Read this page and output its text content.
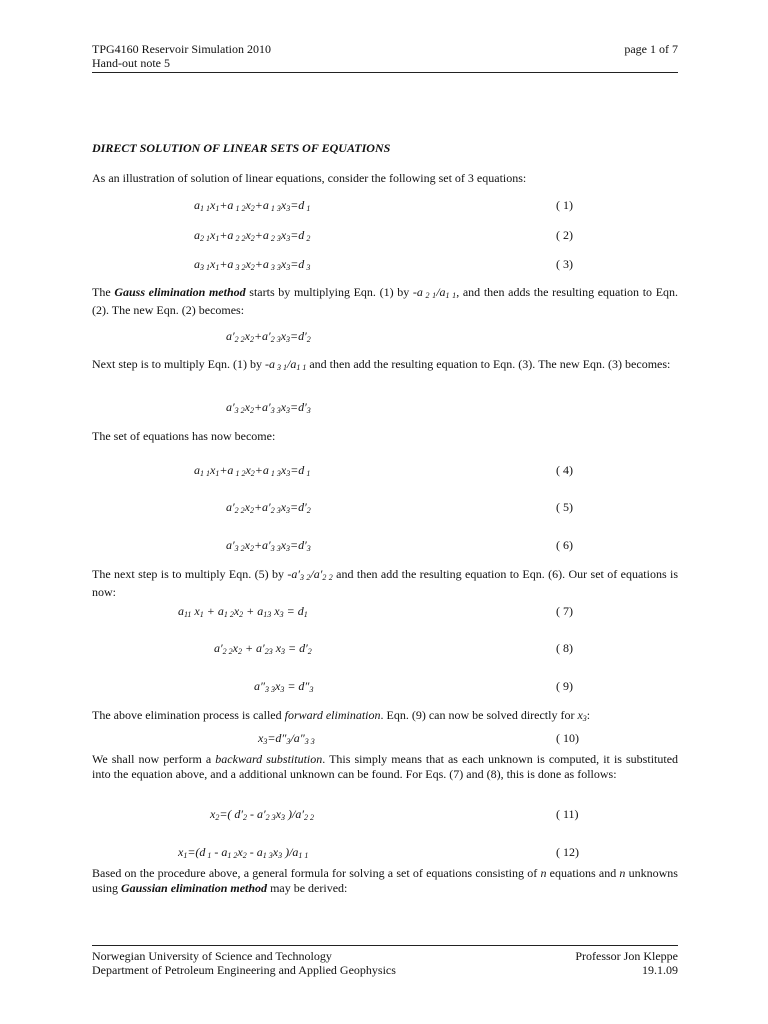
TPG4160 Reservoir Simulation 2010	page 1 of 7
Hand-out note 5
DIRECT SOLUTION OF LINEAR SETS OF EQUATIONS
As an illustration of solution of linear equations, consider the following set of 3 equations:
$a_{1 1}x_1+a$ $_{1 2}x_2+a$ $_{1 3}x_3=d$ $_1$	( 1)
$a_{2 1}x_1+a$ $_{2 2}x_2+a$ $_{2 3}x_3=d$ $_2$	( 2)
$a_{3 1}x_1+a$ $_{3 2}x_2+a$ $_{3 3}x_3=d$ $_3$	( 3)
The Gauss elimination method starts by multiplying Eqn. (1) by -a $_{2 1}/a_{1 1}$, and then adds the resulting equation to Eqn. (2). The new Eqn. (2) becomes:
$a'_{2 2}x_2+a'_{2 3}x_3=d'_2$
Next step is to multiply Eqn. (1) by -a $_{3 1}/a_{1 1}$ and then add the resulting equation to Eqn. (3). The new Eqn. (3) becomes:
$a'_{3 2}x_2+a'_{3 3}x_3=d'_3$
The set of equations has now become:
$a_{1 1}x_1+a$ $_{1 2}x_2+a$ $_{1 3}x_3=d$ $_1$	( 4)
$a'_{2 2}x_2+a'_{2 3}x_3=d'_2$	( 5)
$a'_{3 2}x_2+a'_{3 3}x_3=d'_3$	( 6)
The next step is to multiply Eqn. (5) by $-a'_{3 2}/a'_{2 2}$ and then add the resulting equation to Eqn. (6). Our set of equations is now:
$a_{11}$ $x_1 + a_{1 2}x_2 + a_{13}$ $x_3 = d_1$	( 7)
$a'_{2 2}x_2 + a'_{23}$ $x_3 = d'_2$	( 8)
$a''_{3 3}x_3 = d''_3$	( 9)
The above elimination process is called forward elimination. Eqn. (9) can now be solved directly for $x_3$:
$x_3=d''_3/a''_{3 3}$	( 10)
We shall now perform a backward substitution. This simply means that as each unknown is computed, it is substituted into the equation above, and a additional unknown can be found. For Eqs. (7) and (8), this is done as follows:
$x_2=$( $d'_2 - a'_{2 3}x_3$ )$/a'_{2 2}$	( 11)
$x_1=(d$ $_1 - a_{1 2}x_2 - a_{1 3}x_3$ )$/a_{1 1}$	( 12)
Based on the procedure above, a general formula for solving a set of equations consisting of n equations and n unknowns using Gaussian elimination method may be derived:
Norwegian University of Science and Technology	Professor Jon Kleppe
Department of Petroleum Engineering and Applied Geophysics	19.1.09
